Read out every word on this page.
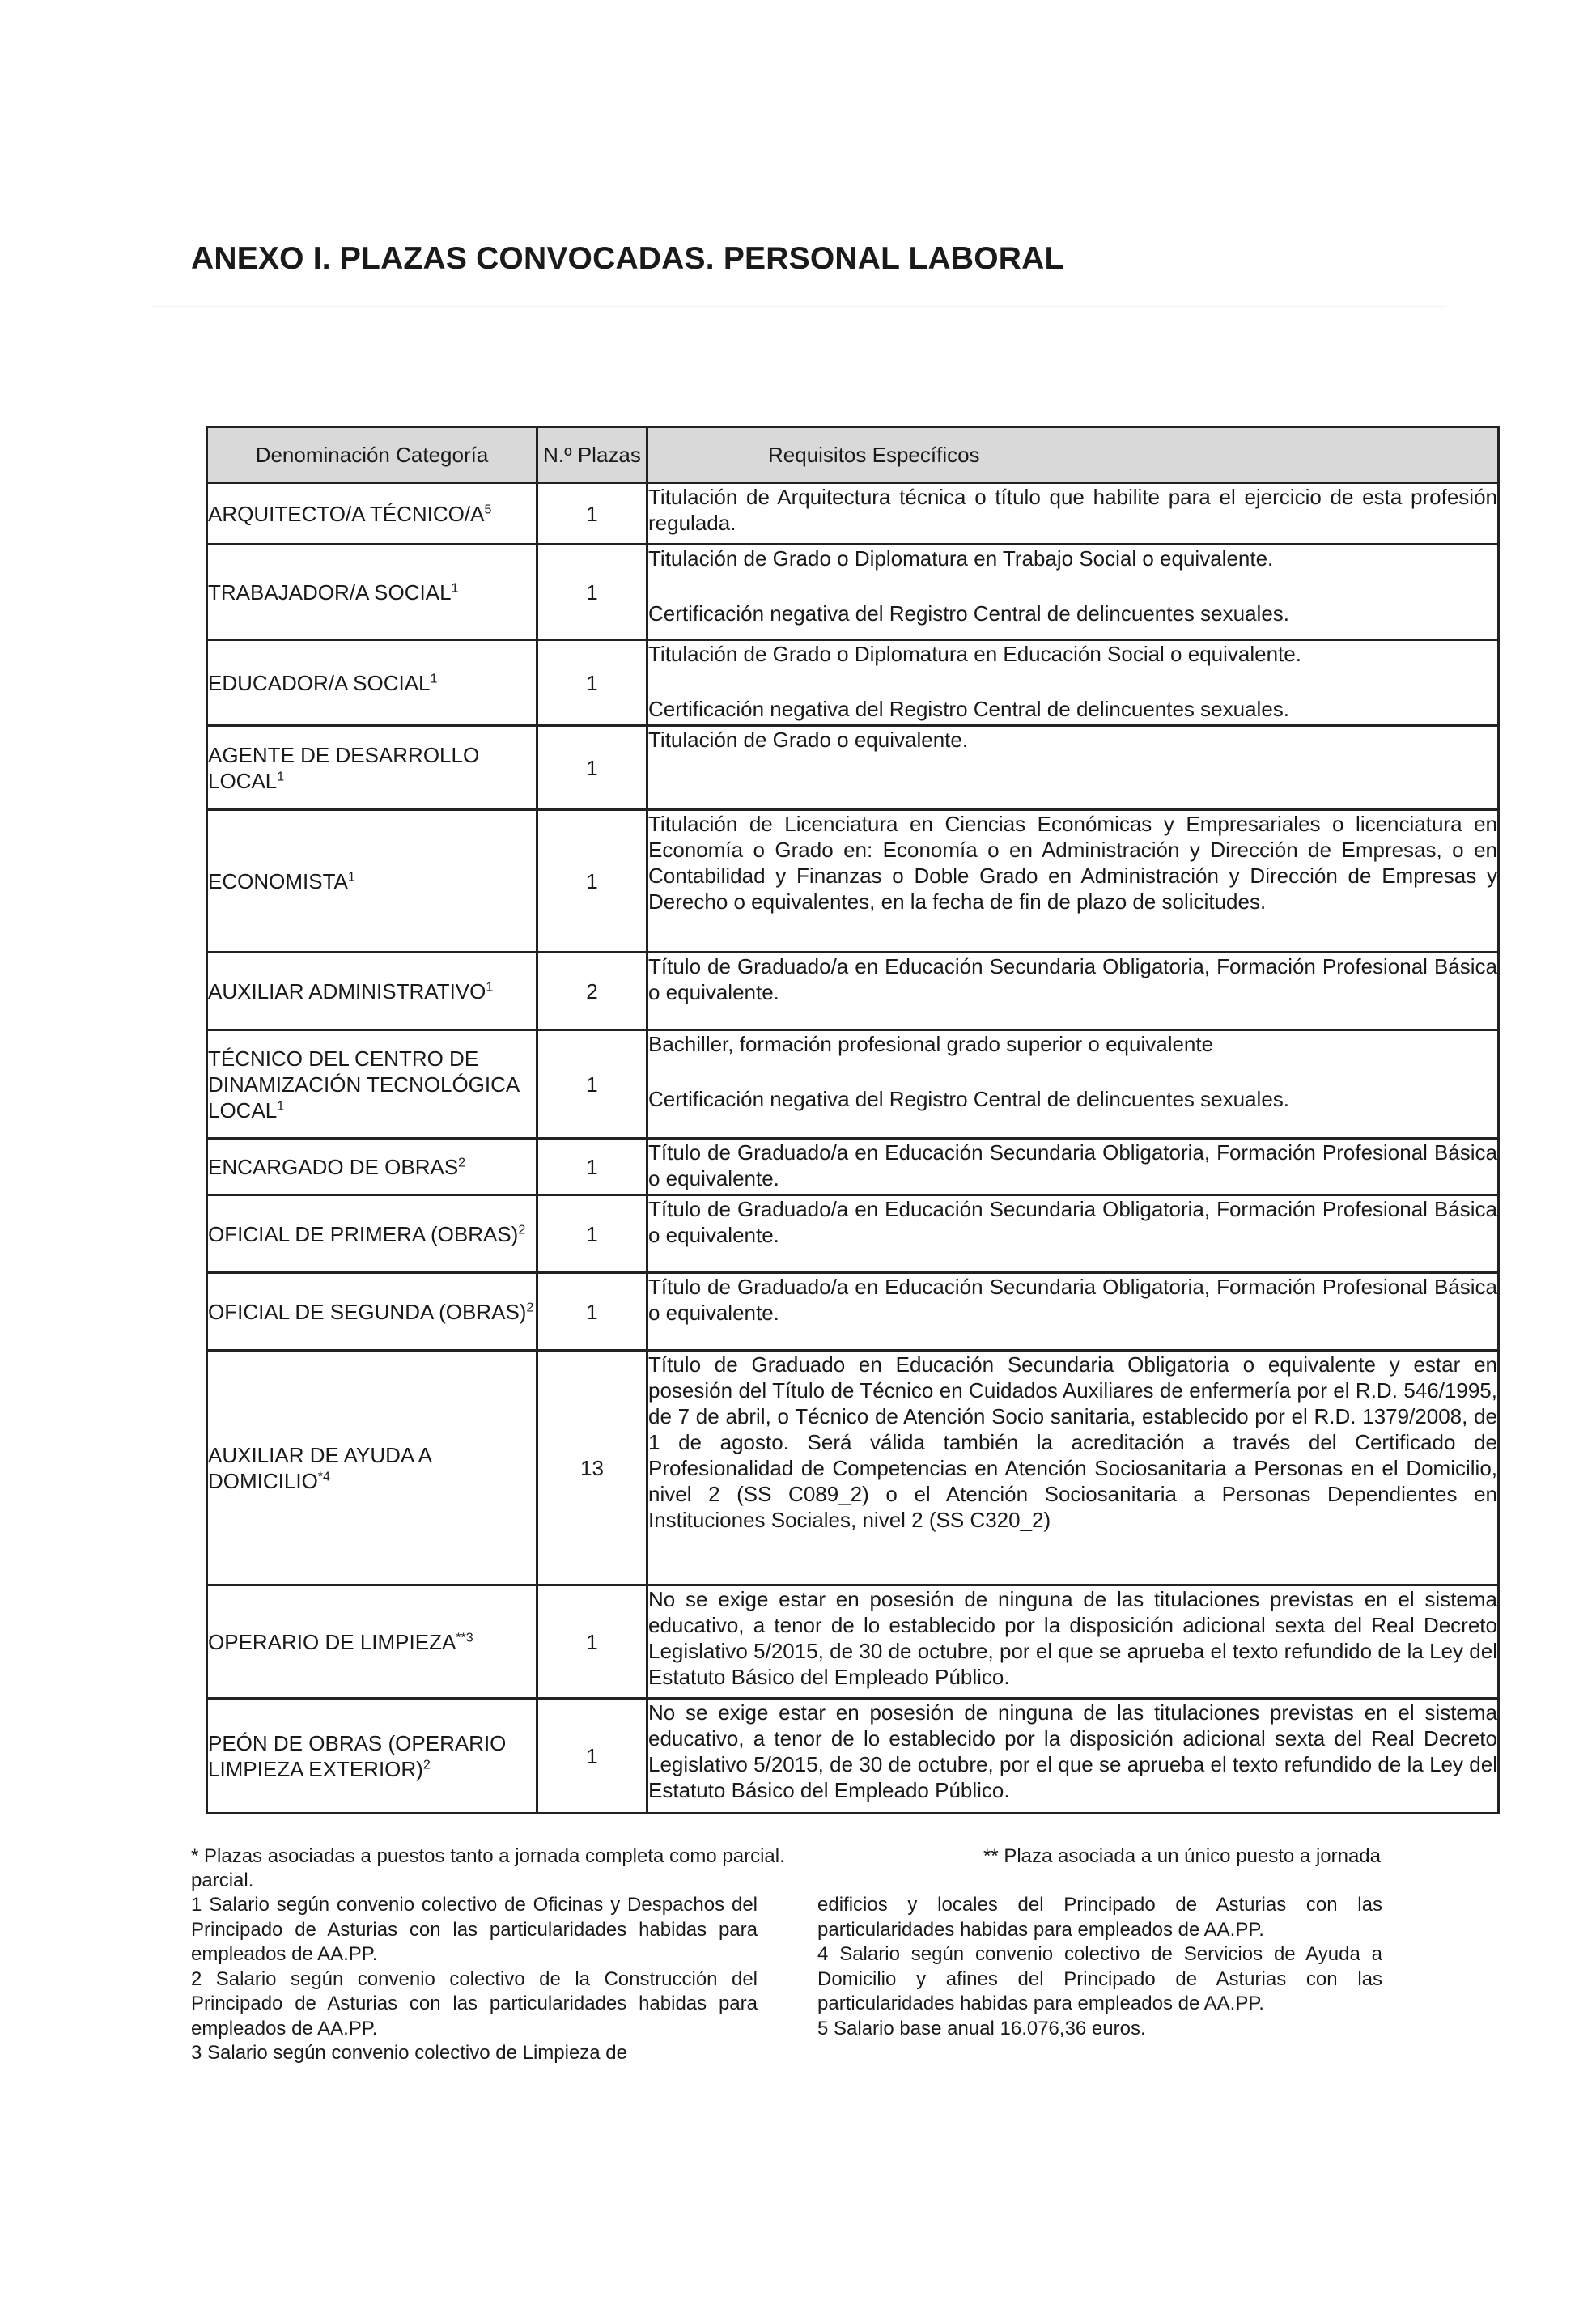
ANEXO I. PLAZAS CONVOCADAS. PERSONAL LABORAL
Denominación Categoría	N.º Plazas	Requisitos Específicos
ARQUITECTO/A TÉCNICO/$A^5$	1	Titulación de Arquitectura técnica o título que habilite para el ejercicio de esta profesión regulada.

TRABAJADOR/A SOCIAL$^1$	1	Titulación de Grado o Diplomatura en Trabajo Social o equivalente.
Certificación negativa del Registro Central de delincuentes sexuales.

EDUCADOR/A SOCIAL$^1$	1	Titulación de Grado o Diplomatura en Educación Social o equivalente.
Certificación negativa del Registro Central de delincuentes sexuales.

AGENTE DE DESARROLLO LOCAL$^1$	1	Titulación de Grado o equivalente.

ECONOMISTA$^1$	1	Titulación de Licenciatura en Ciencias Económicas y Empresariales o licenciatura en Economía o Grado en: Economía o en Administración y Dirección de Empresas, o en Contabilidad y Finanzas o Doble Grado en Administración y Dirección de Empresas y Derecho o equivalentes, en la fecha de fin de plazo de solicitudes.

AUXILIAR ADMINISTRATIVO$^1$	2	Título de Graduado/a en Educación Secundaria Obligatoria, Formación Profesional Básica o equivalente.

TÉCNICO DEL CENTRO DE DINAMIZACIÓN TECNOLÓGICA LOCAL$^1$	1	Bachiller, formación profesional grado superior o equivalente
Certificación negativa del Registro Central de delincuentes sexuales.

ENCARGADO DE OBRAS$^2$	1	Título de Graduado/a en Educación Secundaria Obligatoria, Formación Profesional Básica o equivalente.

OFICIAL DE PRIMERA (OBRAS)$^2$	1	Título de Graduado/a en Educación Secundaria Obligatoria, Formación Profesional Básica o equivalente.

OFICIAL DE SEGUNDA (OBRAS)$^2$	1	Título de Graduado/a en Educación Secundaria Obligatoria, Formación Profesional Básica o equivalente.

AUXILIAR DE AYUDA A DOMICILIO$^{*4}$	13	Título de Graduado en Educación Secundaria Obligatoria o equivalente y estar en posesión del Título de Técnico en Cuidados Auxiliares de enfermería por el R.D. 546/1995, de 7 de abril, o Técnico de Atención Socio sanitaria, establecido por el R.D. 1379/2008, de 1 de agosto. Será válida también la acreditación a través del Certificado de Profesionalidad de Competencias en Atención Sociosanitaria a Personas en el Domicilio, nivel 2 (SS C089_2) o el Atención Sociosanitaria a Personas Dependientes en Instituciones Sociales, nivel 2 (SS C320_2)

OPERARIO DE LIMPIEZA$^{**3}$	1	No se exige estar en posesión de ninguna de las titulaciones previstas en el sistema educativo, a tenor de lo establecido por la disposición adicional sexta del Real Decreto Legislativo 5/2015, de 30 de octubre, por el que se aprueba el texto refundido de la Ley del Estatuto Básico del Empleado Público.

PEÓN DE OBRAS (OPERARIO LIMPIEZA EXTERIOR)$^2$	1	No se exige estar en posesión de ninguna de las titulaciones previstas en el sistema educativo, a tenor de lo establecido por la disposición adicional sexta del Real Decreto Legislativo 5/2015, de 30 de octubre, por el que se aprueba el texto refundido de la Ley del Estatuto Básico del Empleado Público.
* Plazas asociadas a puestos tanto a jornada completa como parcial.	** Plaza asociada a un único puesto a jornada
parcial.

1 Salario según convenio colectivo de Oficinas y Despachos del Principado de Asturias con las particularidades habidas para empleados de AA.PP.

2 Salario según convenio colectivo de la Construcción del Principado de Asturias con las particularidades habidas para empleados de AA.PP.

3 Salario según convenio colectivo de Limpieza de

edificios y locales del Principado de Asturias con las particularidades habidas para empleados de AA.PP.

4 Salario según convenio colectivo de Servicios de Ayuda a Domicilio y afines del Principado de Asturias con las particularidades habidas para empleados de AA.PP.

5 Salario base anual 16.076,36 euros.
